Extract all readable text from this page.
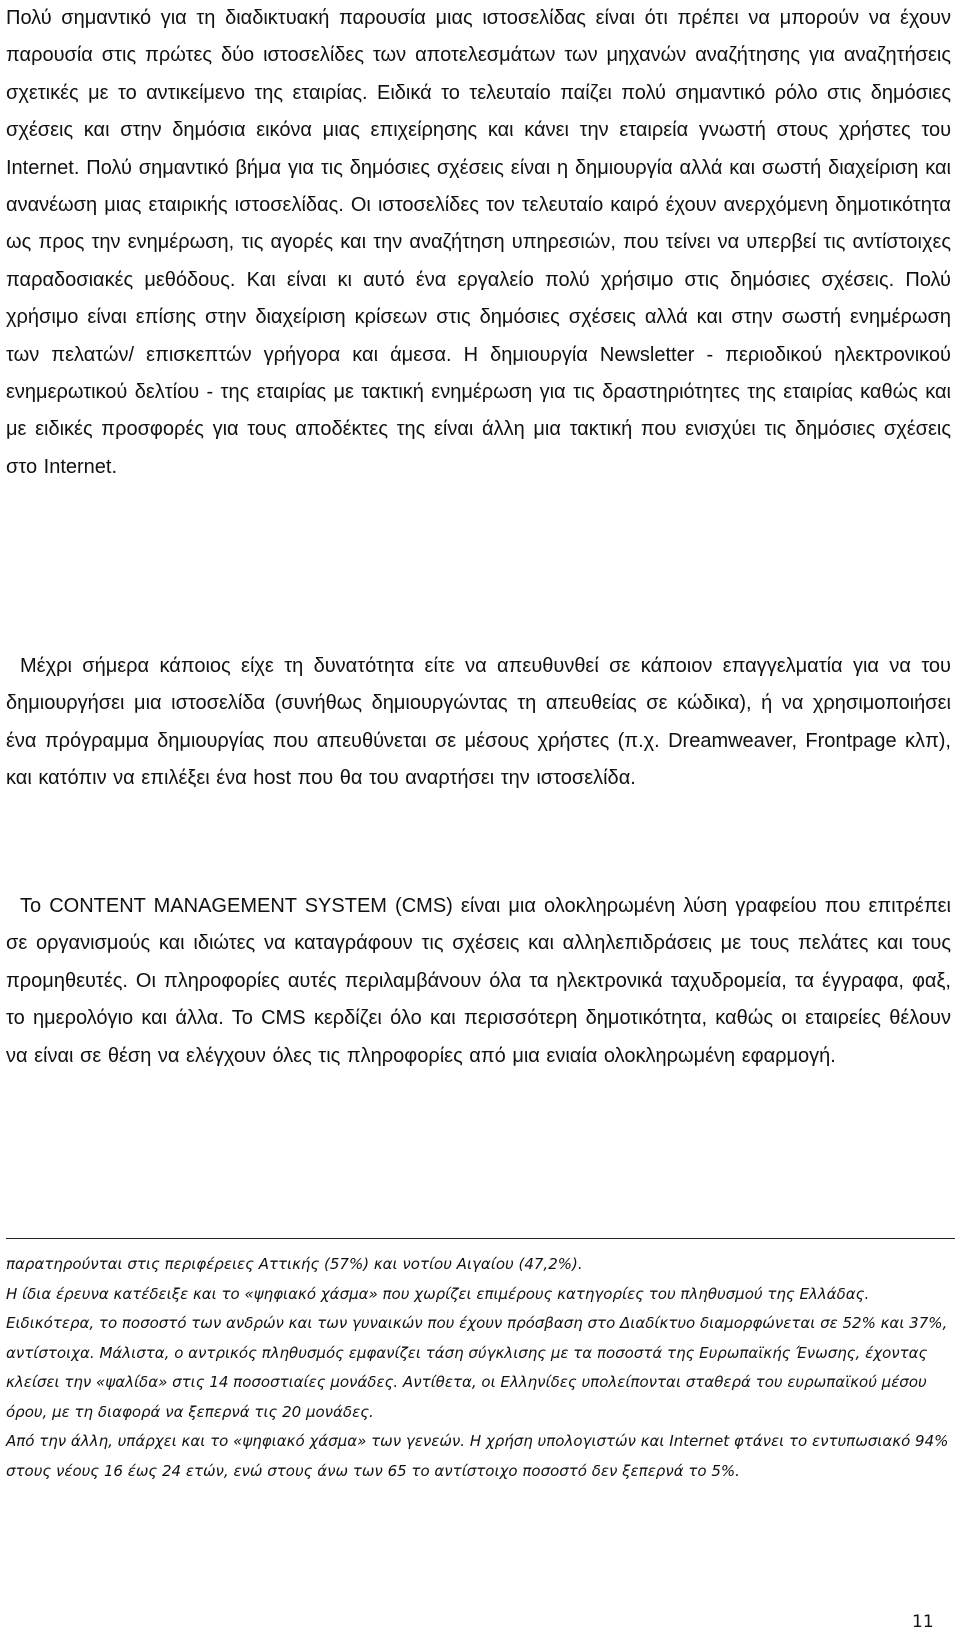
Πολύ σημαντικό για τη διαδικτυακή παρουσία μιας ιστοσελίδας είναι ότι πρέπει να μπορούν να έχουν παρουσία στις πρώτες δύο ιστοσελίδες των αποτελεσμάτων των μηχανών αναζήτησης για αναζητήσεις σχετικές με το αντικείμενο της εταιρίας. Ειδικά το τελευταίο παίζει πολύ σημαντικό ρόλο στις δημόσιες σχέσεις και στην δημόσια εικόνα μιας επιχείρησης και κάνει την εταιρεία γνωστή στους χρήστες του Internet. Πολύ σημαντικό βήμα για τις δημόσιες σχέσεις είναι η δημιουργία αλλά και σωστή διαχείριση και ανανέωση μιας εταιρικής ιστοσελίδας. Οι ιστοσελίδες τον τελευταίο καιρό έχουν ανερχόμενη δημοτικότητα ως προς την ενημέρωση, τις αγορές και την αναζήτηση υπηρεσιών, που τείνει να υπερβεί τις αντίστοιχες παραδοσιακές μεθόδους. Και είναι κι αυτό ένα εργαλείο πολύ χρήσιμο στις δημόσιες σχέσεις. Πολύ χρήσιμο είναι επίσης στην διαχείριση κρίσεων στις δημόσιες σχέσεις αλλά και στην σωστή ενημέρωση των πελατών/ επισκεπτών γρήγορα και άμεσα. Η δημιουργία Newsletter - περιοδικού ηλεκτρονικού ενημερωτικού δελτίου - της εταιρίας με τακτική ενημέρωση για τις δραστηριότητες της εταιρίας καθώς και με ειδικές προσφορές για τους αποδέκτες της είναι άλλη μια τακτική που ενισχύει τις δημόσιες σχέσεις στο Internet.

Μέχρι σήμερα κάποιος είχε τη δυνατότητα είτε να απευθυνθεί σε κάποιον επαγγελματία για να του δημιουργήσει μια ιστοσελίδα (συνήθως δημιουργώντας τη απευθείας σε κώδικα), ή να χρησιμοποιήσει ένα πρόγραμμα δημιουργίας που απευθύνεται σε μέσους χρήστες (π.χ. Dreamweaver, Frontpage κλπ), και κατόπιν να επιλέξει ένα host που θα του αναρτήσει την ιστοσελίδα.

Το CONTENT MANAGEMENT SYSTEM (CMS) είναι μια ολοκληρωμένη λύση γραφείου που επιτρέπει σε οργανισμούς και ιδιώτες να καταγράφουν τις σχέσεις και αλληλεπιδράσεις με τους πελάτες και τους προμηθευτές. Οι πληροφορίες αυτές περιλαμβάνουν όλα τα ηλεκτρονικά ταχυδρομεία, τα έγγραφα, φαξ, το ημερολόγιο και άλλα. Το CMS κερδίζει όλο και περισσότερη δημοτικότητα, καθώς οι εταιρείες θέλουν να είναι σε θέση να ελέγχουν όλες τις πληροφορίες από μια ενιαία ολοκληρωμένη εφαρμογή.

παρατηρούνται στις περιφέρειες Αττικής (57%) και νοτίου Αιγαίου (47,2%).

Η ίδια έρευνα κατέδειξε και το «ψηφιακό χάσμα» που χωρίζει επιμέρους κατηγορίες του πληθυσμού της Ελλάδας. Ειδικότερα, το ποσοστό των ανδρών και των γυναικών που έχουν πρόσβαση στο Διαδίκτυο διαμορφώνεται σε 52% και 37%, αντίστοιχα. Μάλιστα, ο αντρικός πληθυσμός εμφανίζει τάση σύγκλισης με τα ποσοστά της Ευρωπαϊκής Ένωσης, έχοντας κλείσει την «ψαλίδα» στις 14 ποσοστιαίες μονάδες. Αντίθετα, οι Ελληνίδες υπολείπονται σταθερά του ευρωπαϊκού μέσου όρου, με τη διαφορά να ξεπερνά τις 20 μονάδες.

Από την άλλη, υπάρχει και το «ψηφιακό χάσμα» των γενεών. Η χρήση υπολογιστών και Internet φτάνει το εντυπωσιακό 94% στους νέους 16 έως 24 ετών, ενώ στους άνω των 65 το αντίστοιχο ποσοστό δεν ξεπερνά το 5%.

11
